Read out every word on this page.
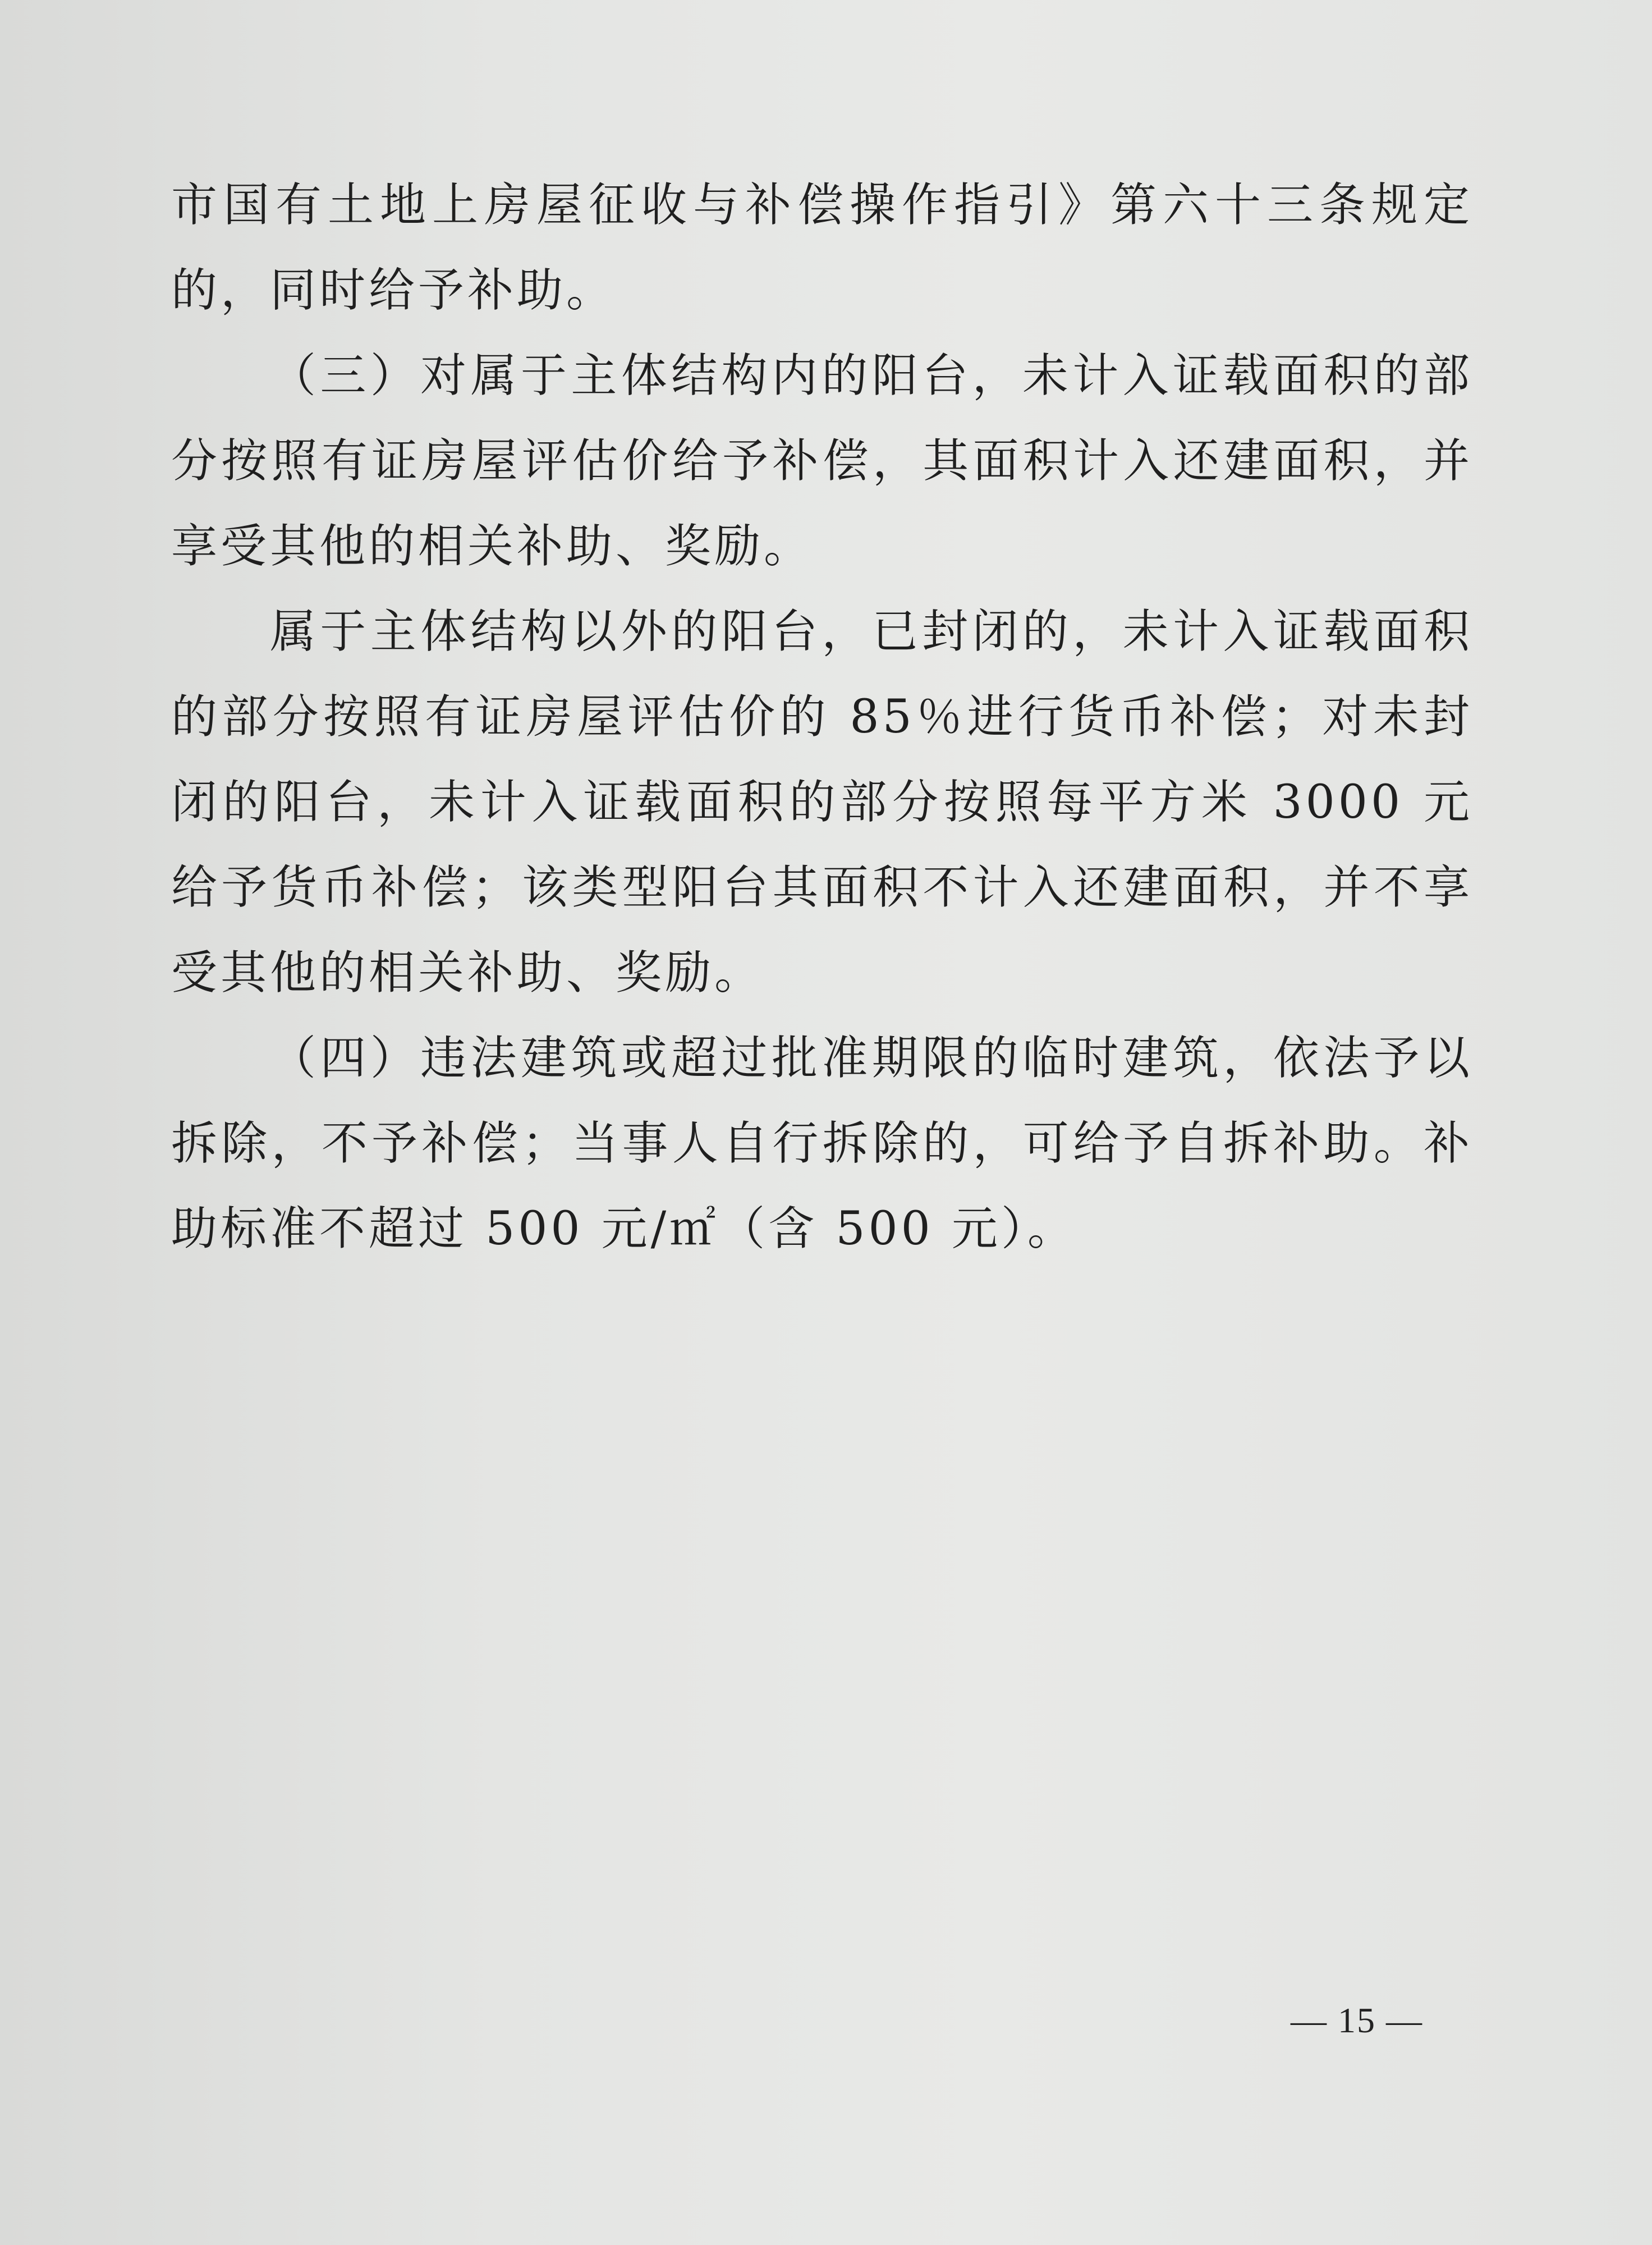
市国有土地上房屋征收与补偿操作指引》第六十三条规定的，同时给予补助。

（三）对属于主体结构内的阳台，未计入证载面积的部分按照有证房屋评估价给予补偿，其面积计入还建面积，并享受其他的相关补助、奖励。

属于主体结构以外的阳台，已封闭的，未计入证载面积的部分按照有证房屋评估价的 85％进行货币补偿；对未封闭的阳台，未计入证载面积的部分按照每平方米 3000 元给予货币补偿；该类型阳台其面积不计入还建面积，并不享受其他的相关补助、奖励。

（四）违法建筑或超过批准期限的临时建筑，依法予以拆除，不予补偿；当事人自行拆除的，可给予自拆补助。补助标准不超过 500 元/㎡（含 500 元）。

— 15 —
